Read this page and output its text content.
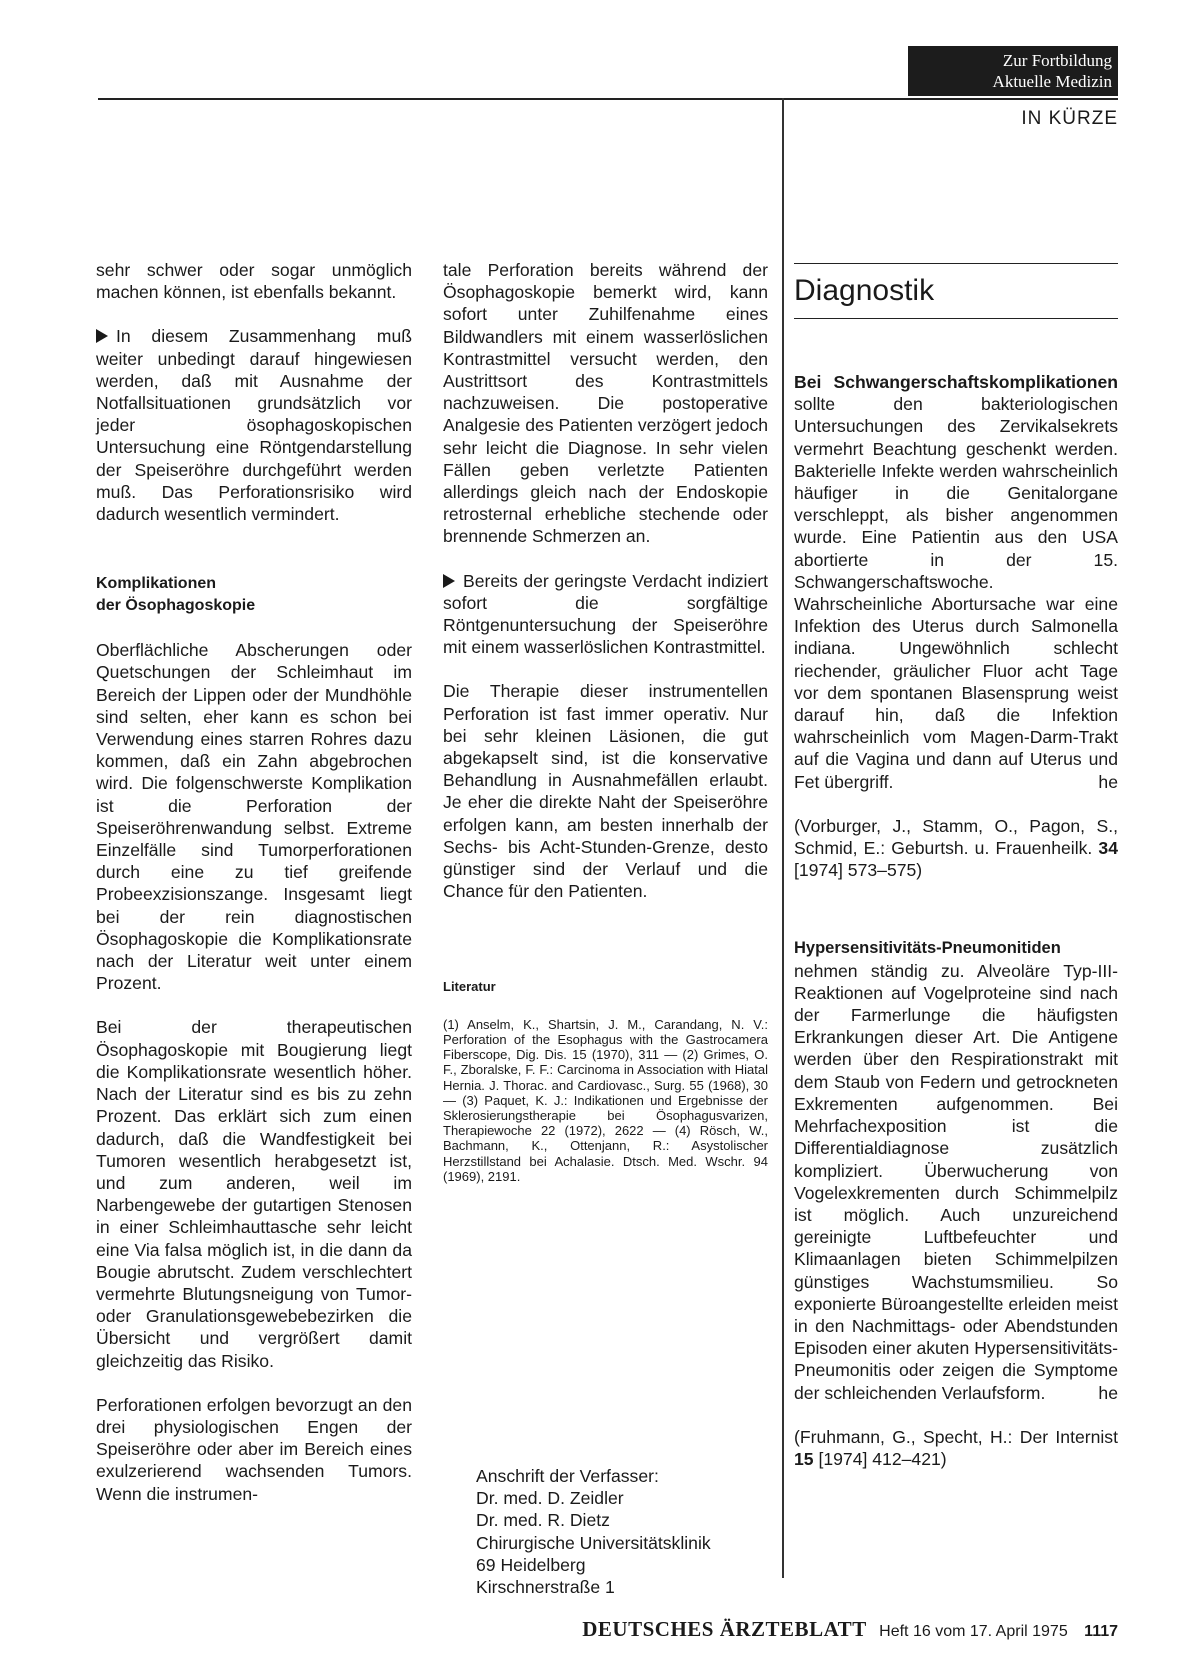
Zur Fortbildung
Aktuelle Medizin
IN KÜRZE

sehr schwer oder sogar unmöglich machen können, ist ebenfalls bekannt.

In diesem Zusammenhang muß weiter unbedingt darauf hingewiesen werden, daß mit Ausnahme der Notfallsituationen grundsätzlich vor jeder ösophagoskopischen Untersuchung eine Röntgendarstellung der Speiseröhre durchgeführt werden muß. Das Perforationsrisiko wird dadurch wesentlich vermindert.

Komplikationen
der Ösophagoskopie

Oberflächliche Abscherungen oder Quetschungen der Schleimhaut im Bereich der Lippen oder der Mundhöhle sind selten, eher kann es schon bei Verwendung eines starren Rohres dazu kommen, daß ein Zahn abgebrochen wird. Die folgenschwerste Komplikation ist die Perforation der Speiseröhrenwandung selbst. Extreme Einzelfälle sind Tumorperforationen durch eine zu tief greifende Probeexzisionszange. Insgesamt liegt bei der rein diagnostischen Ösophagoskopie die Komplikationsrate nach der Literatur weit unter einem Prozent.

Bei der therapeutischen Ösophagoskopie mit Bougierung liegt die Komplikationsrate wesentlich höher. Nach der Literatur sind es bis zu zehn Prozent. Das erklärt sich zum einen dadurch, daß die Wandfestigkeit bei Tumoren wesentlich herabgesetzt ist, und zum anderen, weil im Narbengewebe der gutartigen Stenosen in einer Schleimhauttasche sehr leicht eine Via falsa möglich ist, in die dann da Bougie abrutscht. Zudem verschlechtert vermehrte Blutungsneigung von Tumor- oder Granulationsgewebebezirken die Übersicht und vergrößert damit gleichzeitig das Risiko.

Perforationen erfolgen bevorzugt an den drei physiologischen Engen der Speiseröhre oder aber im Bereich eines exulzerierend wachsenden Tumors. Wenn die instrumen-

tale Perforation bereits während der Ösophagoskopie bemerkt wird, kann sofort unter Zuhilfenahme eines Bildwandlers mit einem wasserlöslichen Kontrastmittel versucht werden, den Austrittsort des Kontrastmittels nachzuweisen. Die postoperative Analgesie des Patienten verzögert jedoch sehr leicht die Diagnose. In sehr vielen Fällen geben verletzte Patienten allerdings gleich nach der Endoskopie retrosternal erhebliche stechende oder brennende Schmerzen an.

Bereits der geringste Verdacht indiziert sofort die sorgfältige Röntgenuntersuchung der Speiseröhre mit einem wasserlöslichen Kontrastmittel.

Die Therapie dieser instrumentellen Perforation ist fast immer operativ. Nur bei sehr kleinen Läsionen, die gut abgekapselt sind, ist die konservative Behandlung in Ausnahmefällen erlaubt. Je eher die direkte Naht der Speiseröhre erfolgen kann, am besten innerhalb der Sechs- bis Acht-Stunden-Grenze, desto günstiger sind der Verlauf und die Chance für den Patienten.

Literatur

(1) Anselm, K., Shartsin, J. M., Carandang, N. V.: Perforation of the Esophagus with the Gastrocamera Fiberscope, Dig. Dis. 15 (1970), 311 — (2) Grimes, O. F., Zboralske, F. F.: Carcinoma in Association with Hiatal Hernia. J. Thorac. and Cardiovasc., Surg. 55 (1968), 30 — (3) Paquet, K. J.: Indikationen und Ergebnisse der Sklerosierungstherapie bei Ösophagusvarizen, Therapiewoche 22 (1972), 2622 — (4) Rösch, W., Bachmann, K., Ottenjann, R.: Asystolischer Herzstillstand bei Achalasie. Dtsch. Med. Wschr. 94 (1969), 2191.

Anschrift der Verfasser:
Dr. med. D. Zeidler
Dr. med. R. Dietz
Chirurgische Universitätsklinik
69 Heidelberg
Kirschnerstraße 1
Diagnostik

Bei Schwangerschaftskomplikationen sollte den bakteriologischen Untersuchungen des Zervikalsekrets vermehrt Beachtung geschenkt werden. Bakterielle Infekte werden wahrscheinlich häufiger in die Genitalorgane verschleppt, als bisher angenommen wurde. Eine Patientin aus den USA abortierte in der 15. Schwangerschaftswoche. Wahrscheinliche Abortursache war eine Infektion des Uterus durch Salmonella indiana. Ungewöhnlich schlecht riechender, gräulicher Fluor acht Tage vor dem spontanen Blasensprung weist darauf hin, daß die Infektion wahrscheinlich vom Magen-Darm-Trakt auf die Vagina und dann auf Uterus und Fet übergriff.	he

(Vorburger, J., Stamm, O., Pagon, S., Schmid, E.: Geburtsh. u. Frauenheilk. 34 [1974] 573–575)

Hypersensitivitäts-Pneumonitiden
nehmen ständig zu. Alveoläre Typ-III-Reaktionen auf Vogelproteine sind nach der Farmerlunge die häufigsten Erkrankungen dieser Art. Die Antigene werden über den Respirationstrakt mit dem Staub von Federn und getrockneten Exkrementen aufgenommen. Bei Mehrfachexposition ist die Differentialdiagnose zusätzlich kompliziert. Überwucherung von Vogelexkrementen durch Schimmelpilz ist möglich. Auch unzureichend gereinigte Luftbefeuchter und Klimaanlagen bieten Schimmelpilzen günstiges Wachstumsmilieu. So exponierte Büroangestellte erleiden meist in den Nachmittags- oder Abendstunden Episoden einer akuten Hypersensitivitäts-Pneumonitis oder zeigen die Symptome der schleichenden Verlaufsform.	he

(Fruhmann, G., Specht, H.: Der Internist 15 [1974] 412–421)

DEUTSCHES ÄRZTEBLATT Heft 16 vom 17. April 1975 1117
